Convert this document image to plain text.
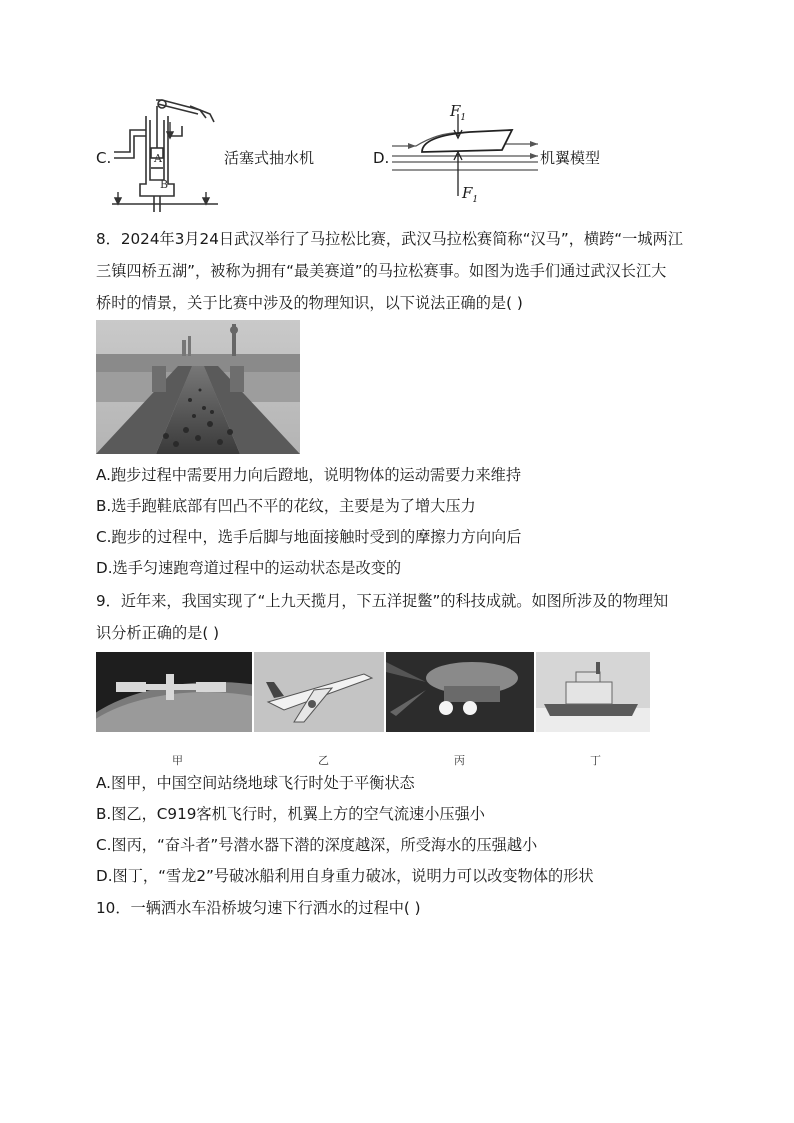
C.	A
B
活塞式抽水机	D.
$F_1$
$F_1$
机翼模型
8．2024年3月24日武汉举行了马拉松比赛，武汉马拉松赛简称“汉马”，横跨“一城两江
三镇四桥五湖”，被称为拥有“最美赛道”的马拉松赛事。如图为选手们通过武汉长江大
桥时的情景，关于比赛中涉及的物理知识，以下说法正确的是( )
A.跑步过程中需要用力向后蹬地，说明物体的运动需要力来维持
B.选手跑鞋底部有凹凸不平的花纹，主要是为了增大压力
C.跑步的过程中，选手后脚与地面接触时受到的摩擦力方向向后
D.选手匀速跑弯道过程中的运动状态是改变的
9．近年来，我国实现了“上九天揽月，下五洋捉鳖”的科技成就。如图所涉及的物理知
识分析正确的是( )
甲	乙	丙	丁
A.图甲，中国空间站绕地球飞行时处于平衡状态
B.图乙，C919客机飞行时，机翼上方的空气流速小压强小
C.图丙，“奋斗者”号潜水器下潜的深度越深，所受海水的压强越小
D.图丁，“雪龙2”号破冰船利用自身重力破冰，说明力可以改变物体的形状
10．一辆洒水车沿桥坡匀速下行洒水的过程中( )
